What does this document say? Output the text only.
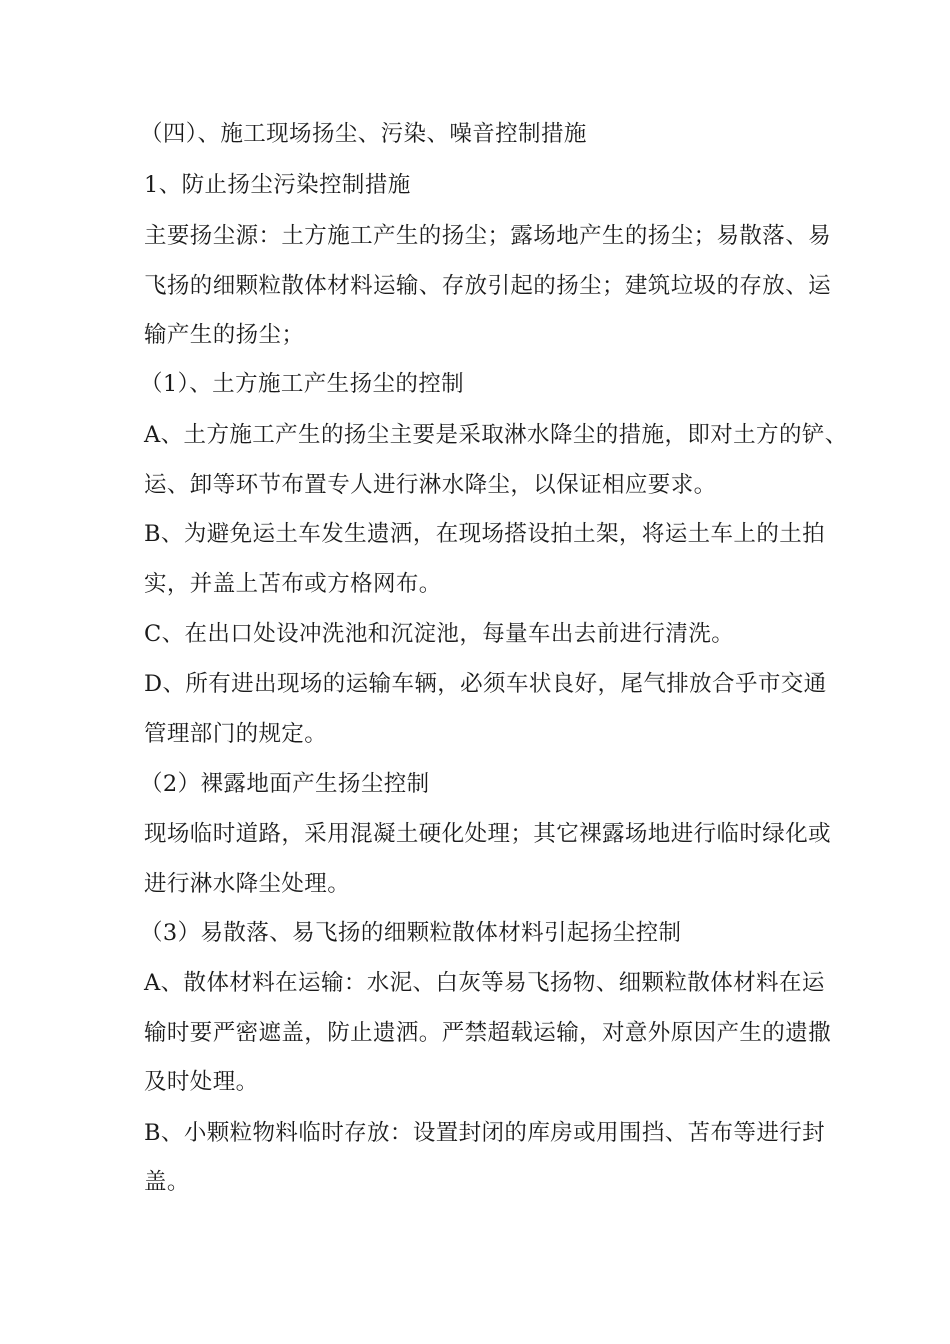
（四）、施工现场扬尘、污染、噪音控制措施
1、防止扬尘污染控制措施
主要扬尘源：土方施工产生的扬尘；露场地产生的扬尘；易散落、易
飞扬的细颗粒散体材料运输、存放引起的扬尘；建筑垃圾的存放、运
输产生的扬尘；
（1）、土方施工产生扬尘的控制
A、土方施工产生的扬尘主要是采取淋水降尘的措施，即对土方的铲、
运、卸等环节布置专人进行淋水降尘，以保证相应要求。
B、为避免运土车发生遗洒，在现场搭设拍土架，将运土车上的土拍
实，并盖上苫布或方格网布。
C、在出口处设冲洗池和沉淀池，每量车出去前进行清洗。
D、所有进出现场的运输车辆，必须车状良好，尾气排放合乎市交通
管理部门的规定。
（2）裸露地面产生扬尘控制
现场临时道路，采用混凝土硬化处理；其它裸露场地进行临时绿化或
进行淋水降尘处理。
（3）易散落、易飞扬的细颗粒散体材料引起扬尘控制
A、散体材料在运输：水泥、白灰等易飞扬物、细颗粒散体材料在运
输时要严密遮盖，防止遗洒。严禁超载运输，对意外原因产生的遗撒
及时处理。
B、小颗粒物料临时存放：设置封闭的库房或用围挡、苫布等进行封
盖。
